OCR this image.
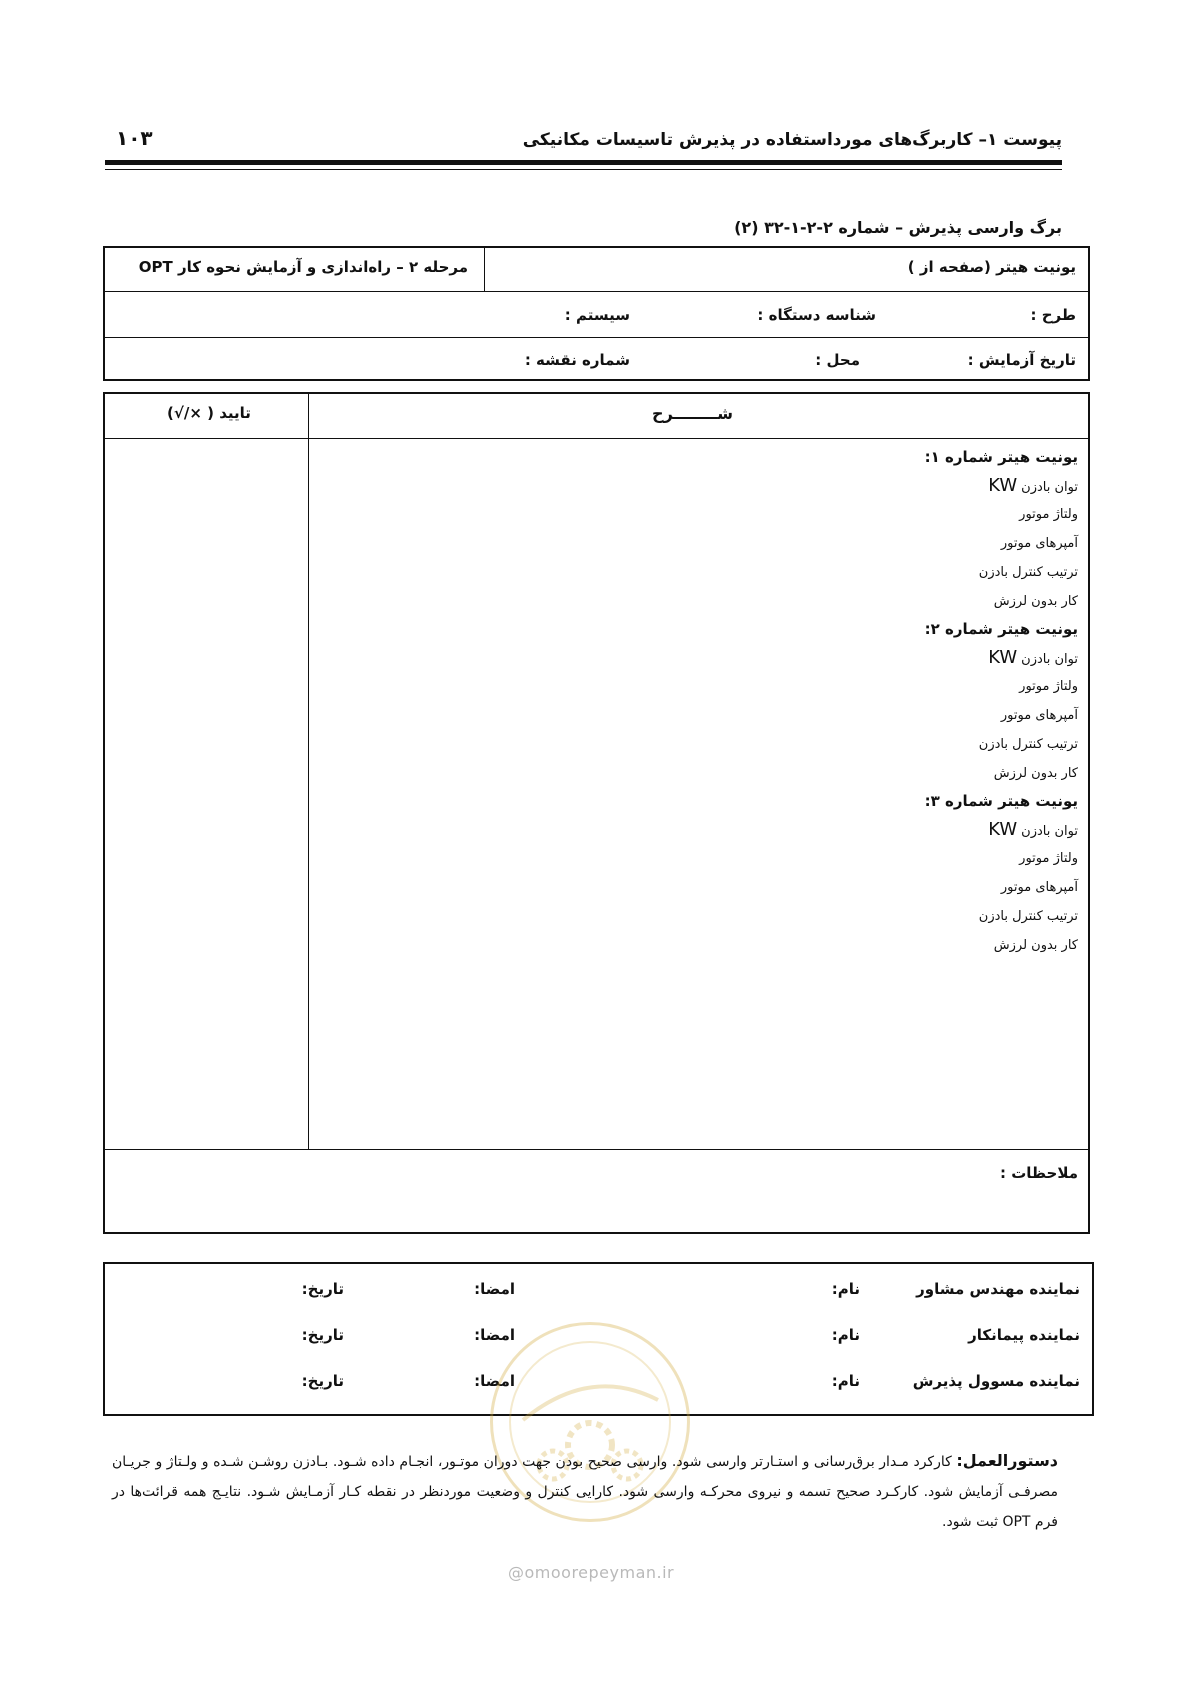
۱۰۳	پیوست ۱– کاربرگ‌های مورداستفاده در پذیرش تاسیسات مکانیکی
برگ وارسی پذیرش – شماره ۲-۲-۱-۳۲ (۲)
یونیت هیتر (صفحه از )
مرحله ۲ – راه‌اندازی و آزمایش نحوه کار OPT
طرح :
شناسه دستگاه :
سیستم :
تاریخ آزمایش :
محل :
شماره نقشه :
شــــــــرح
تایید ( ×/√)
یونیت هیتر شماره ۱:
توان بادزنKW
ولتاژ موتور
آمپرهای موتور
ترتیب کنترل بادزن
کار بدون لرزش
یونیت هیتر شماره ۲:
توان بادزنKW
ولتاژ موتور
آمپرهای موتور
ترتیب کنترل بادزن
کار بدون لرزش
یونیت هیتر شماره ۳:
توان بادزنKW
ولتاژ موتور
آمپرهای موتور
ترتیب کنترل بادزن
کار بدون لرزش
ملاحظات :
نماینده مهندس مشاور
نام:
امضا:
تاریخ:
نماینده پیمانکار
نام:
امضا:
تاریخ:
نماینده مسوول پذیرش
نام:
امضا:
تاریخ:
@omoorepeyman.ir
دستورالعمل: کارکرد مـدار برق‌رسانی و استـارتر وارسی شود. وارسی صحیح بودن جهت دوران موتـور، انجـام داده شـود. بـادزن روشـن شـده و ولـتاژ و جریـان مصرفـی آزمایش شود. کارکـرد صحیح تسمه و نیروی محرکـه وارسی شود. کارایی کنترل و وضعیت موردنظر در نقطه کـار آزمـایش شـود. نتایـج همه قرائت‌ها در فرم OPT ثبت شود.
